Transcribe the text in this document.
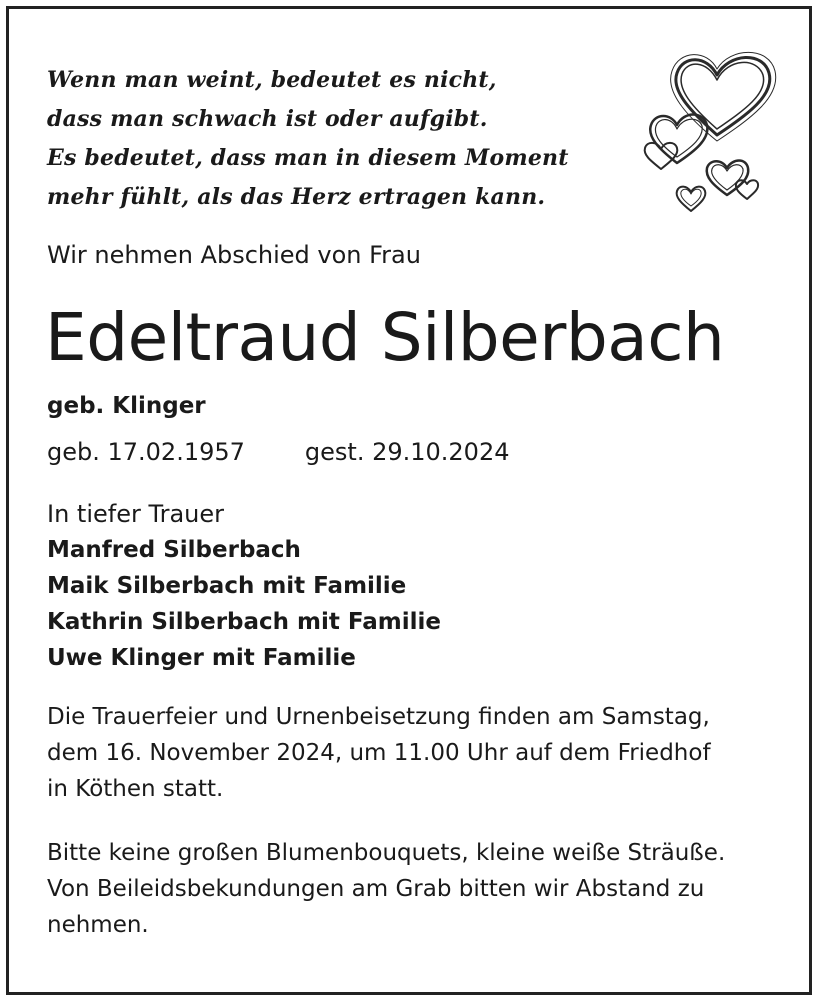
Wenn man weint, bedeutet es nicht,
dass man schwach ist oder aufgibt.
Es bedeutet, dass man in diesem Moment
mehr fühlt, als das Herz ertragen kann.
Wir nehmen Abschied von Frau
Edeltraud Silberbach
geb. Klinger
geb. 17.02.1957	gest. 29.10.2024
In tiefer Trauer
Manfred Silberbach
Maik Silberbach mit Familie
Kathrin Silberbach mit Familie
Uwe Klinger mit Familie
Die Trauerfeier und Urnenbeisetzung finden am Samstag,
dem 16. November 2024, um 11.00 Uhr auf dem Friedhof
in Köthen statt.
Bitte keine großen Blumenbouquets, kleine weiße Sträuße.
Von Beileidsbekundungen am Grab bitten wir Abstand zu
nehmen.
